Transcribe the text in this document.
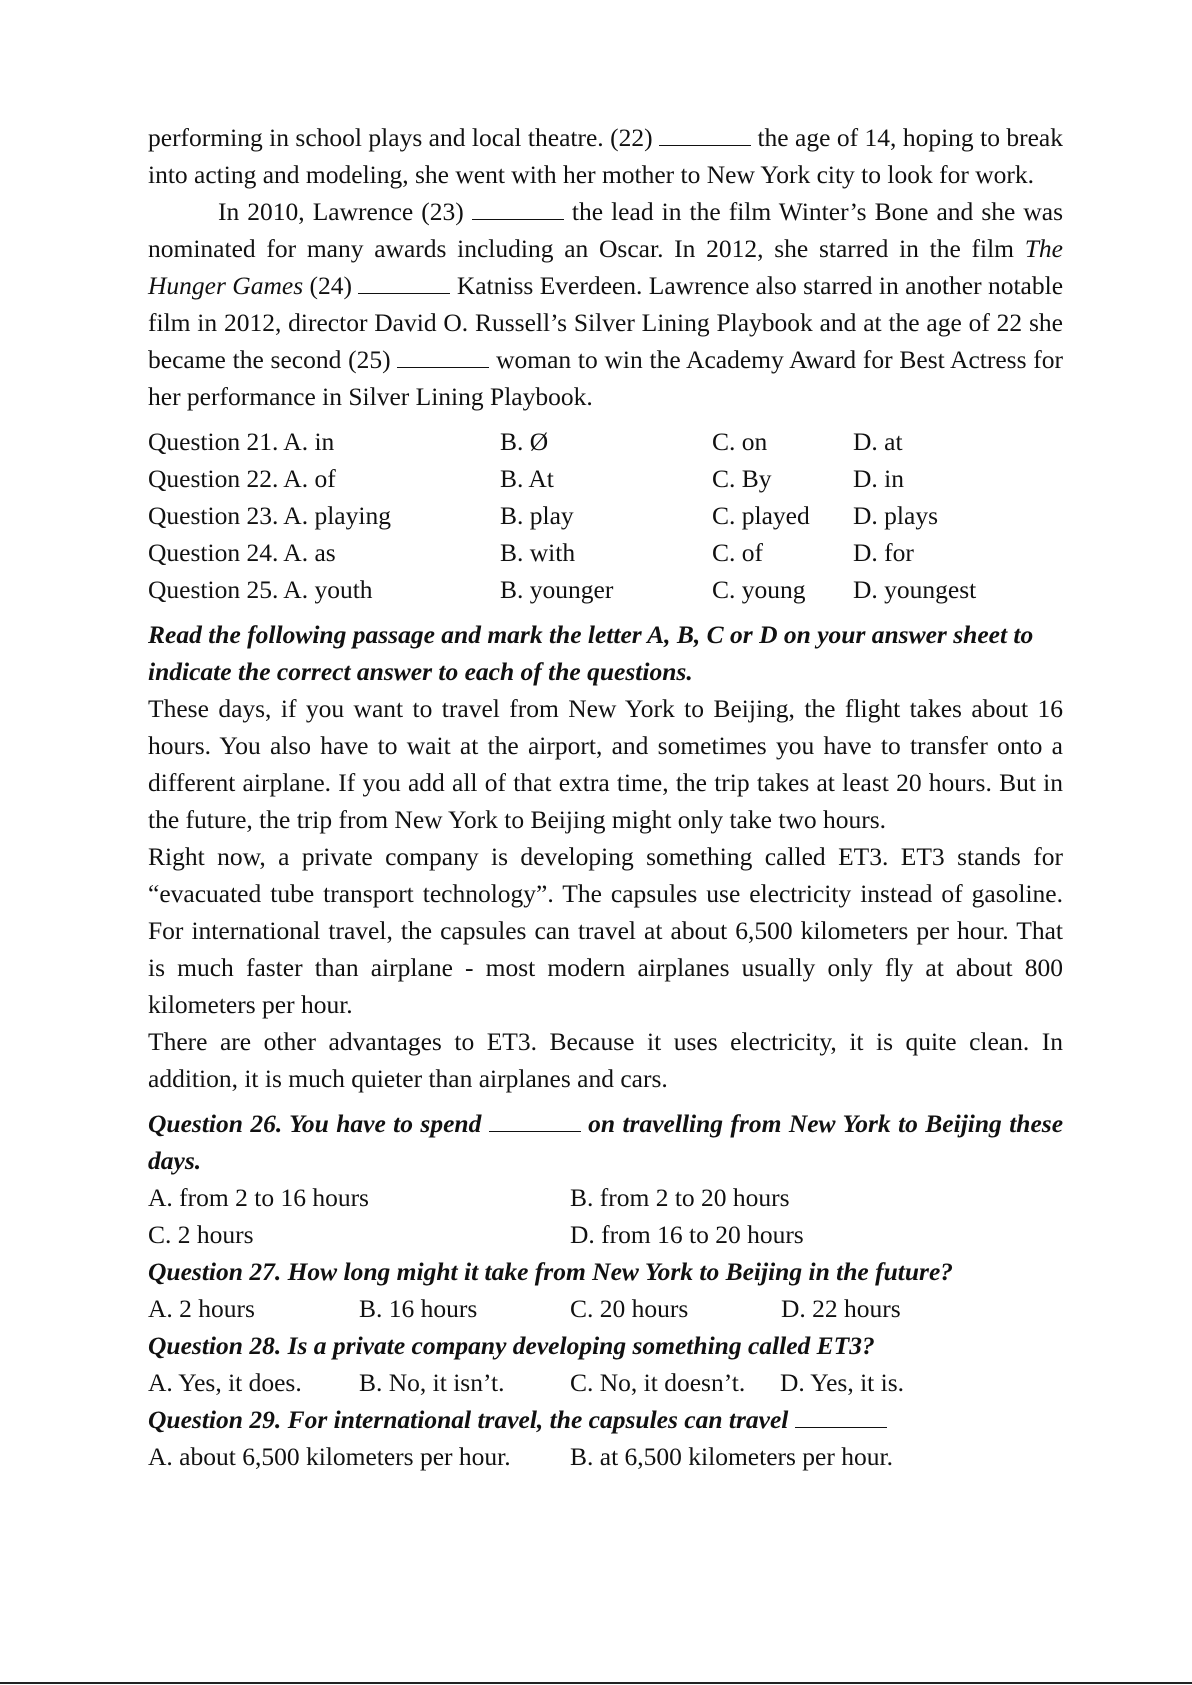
performing in school plays and local theatre. (22)	the age of 14, hoping to break into acting and modeling, she went with her mother to New York city to look for work.

In 2010, Lawrence (23)	the lead in the film Winter’s Bone and she was nominated for many awards including an Oscar. In 2012, she starred in the film The Hunger Games (24)	Katniss Everdeen. Lawrence also starred in another notable film in 2012, director David O. Russell’s Silver Lining Playbook and at the age of 22 she became the second (25)	woman to win the Academy Award for Best Actress for her performance in Silver Lining Playbook.

Question 21. A. in	B. Ø	C. on	D. at
Question 22. A. of	B. At	C. By	D. in
Question 23. A. playing	B. play	C. played	D. plays
Question 24. A. as	B. with	C. of	D. for
Question 25. A. youth	B. younger	C. young	D. youngest

Read the following passage and mark the letter A, B, C or D on your answer sheet to indicate the correct answer to each of the questions.

These days, if you want to travel from New York to Beijing, the flight takes about 16 hours. You also have to wait at the airport, and sometimes you have to transfer onto a different airplane. If you add all of that extra time, the trip takes at least 20 hours. But in the future, the trip from New York to Beijing might only take two hours.

Right now, a private company is developing something called ET3. ET3 stands for “evacuated tube transport technology”. The capsules use electricity instead of gasoline. For international travel, the capsules can travel at about 6,500 kilometers per hour. That is much faster than airplane - most modern airplanes usually only fly at about 800 kilometers per hour.

There are other advantages to ET3. Because it uses electricity, it is quite clean. In addition, it is much quieter than airplanes and cars.

Question 26. You have to spend	on travelling from New York to Beijing these days.

A. from 2 to 16 hours	B. from 2 to 20 hours
C. 2 hours	D. from 16 to 20 hours

Question 27. How long might it take from New York to Beijing in the future?

A. 2 hours	B. 16 hours	C. 20 hours	D. 22 hours

Question 28. Is a private company developing something called ET3?

A. Yes, it does.	B. No, it isn’t.	C. No, it doesn’t.	D. Yes, it is.

Question 29. For international travel, the capsules can travel

A. about 6,500 kilometers per hour.	B. at 6,500 kilometers per hour.
